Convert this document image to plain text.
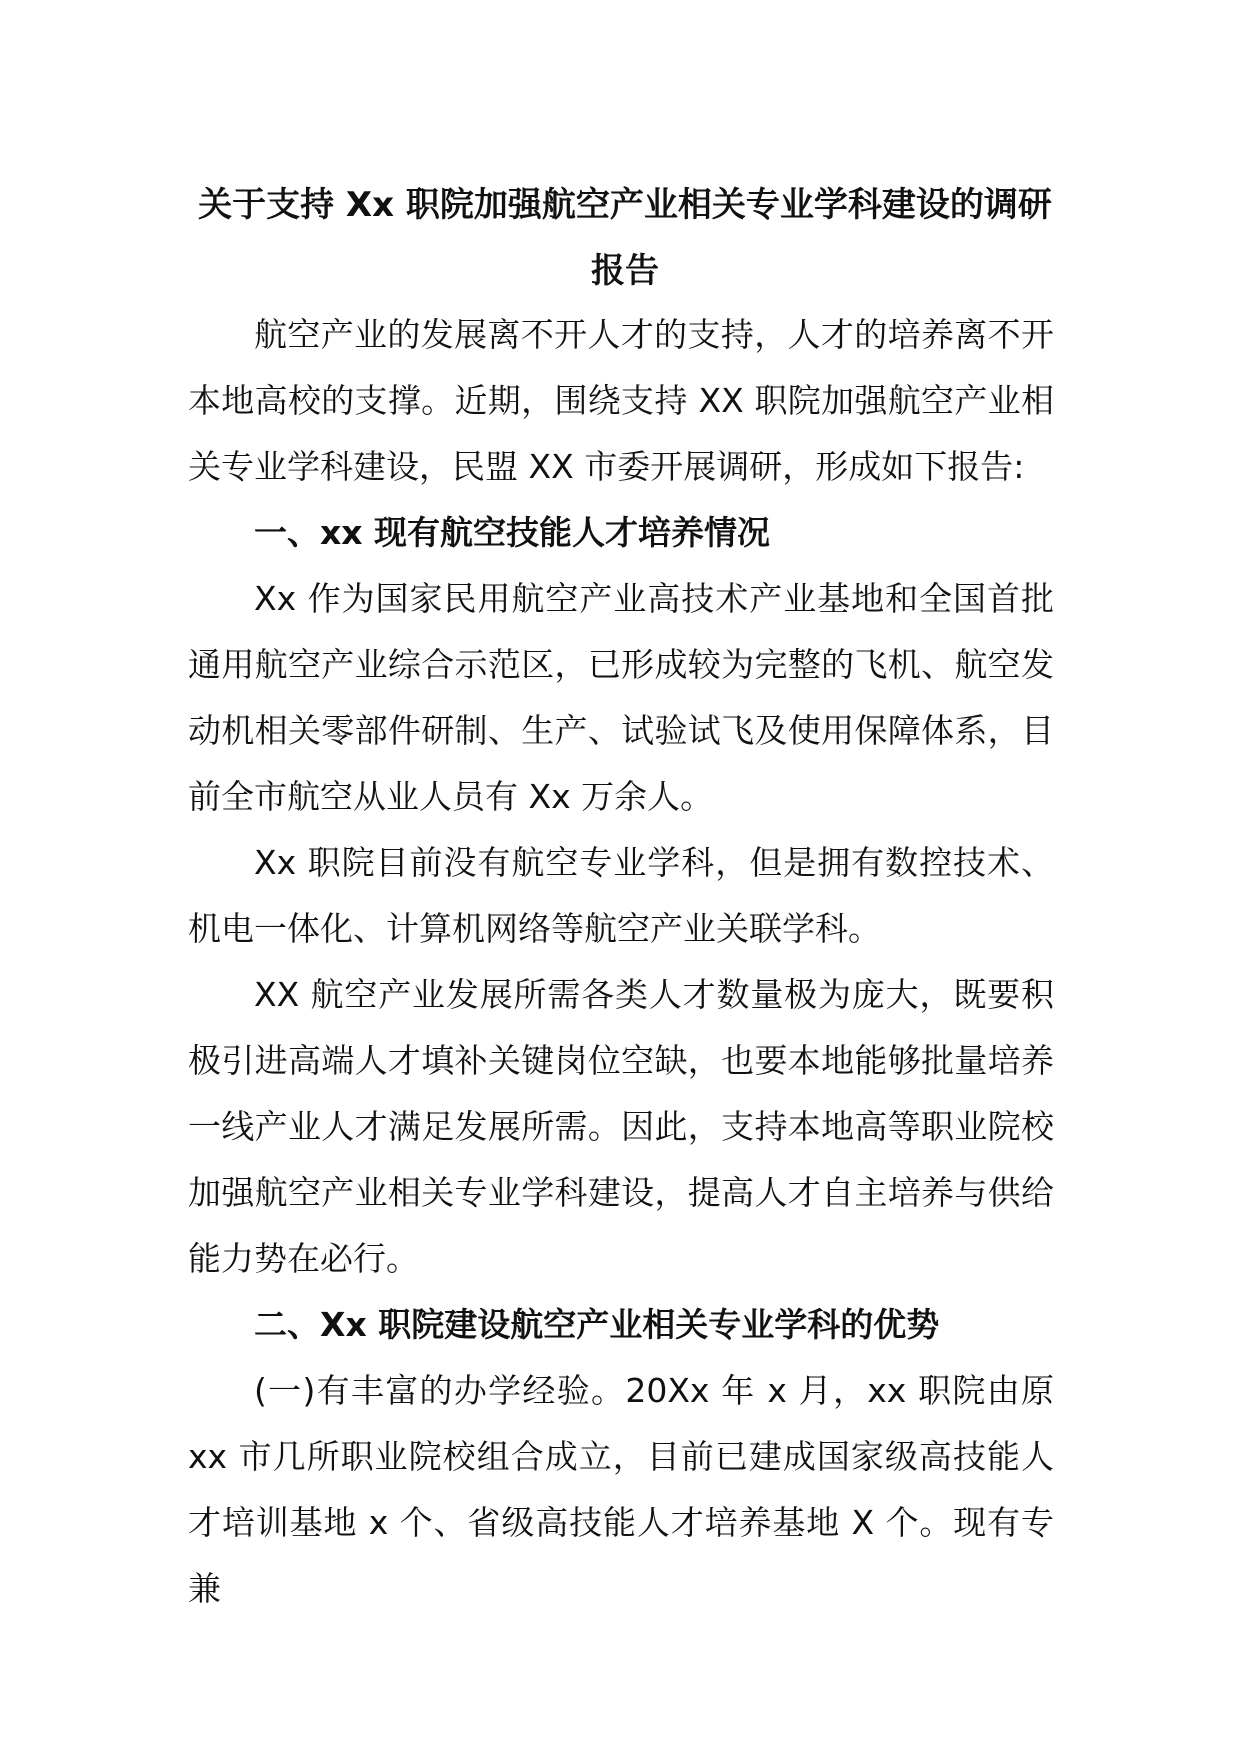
关于支持 Xx 职院加强航空产业相关专业学科建设的调研报告

航空产业的发展离不开人才的支持，人才的培养离不开本地高校的支撑。近期，围绕支持 XX 职院加强航空产业相关专业学科建设，民盟 XX 市委开展调研，形成如下报告:

一、xx 现有航空技能人才培养情况

Xx 作为国家民用航空产业高技术产业基地和全国首批通用航空产业综合示范区，已形成较为完整的飞机、航空发动机相关零部件研制、生产、试验试飞及使用保障体系，目前全市航空从业人员有 Xx 万余人。

Xx 职院目前没有航空专业学科，但是拥有数控技术、机电一体化、计算机网络等航空产业关联学科。

XX 航空产业发展所需各类人才数量极为庞大，既要积极引进高端人才填补关键岗位空缺，也要本地能够批量培养一线产业人才满足发展所需。因此，支持本地高等职业院校加强航空产业相关专业学科建设，提高人才自主培养与供给能力势在必行。

二、Xx 职院建设航空产业相关专业学科的优势

(一)有丰富的办学经验。20Xx 年 x 月，xx 职院由原 xx 市几所职业院校组合成立，目前已建成国家级高技能人才培训基地 x 个、省级高技能人才培养基地 X 个。现有专兼
